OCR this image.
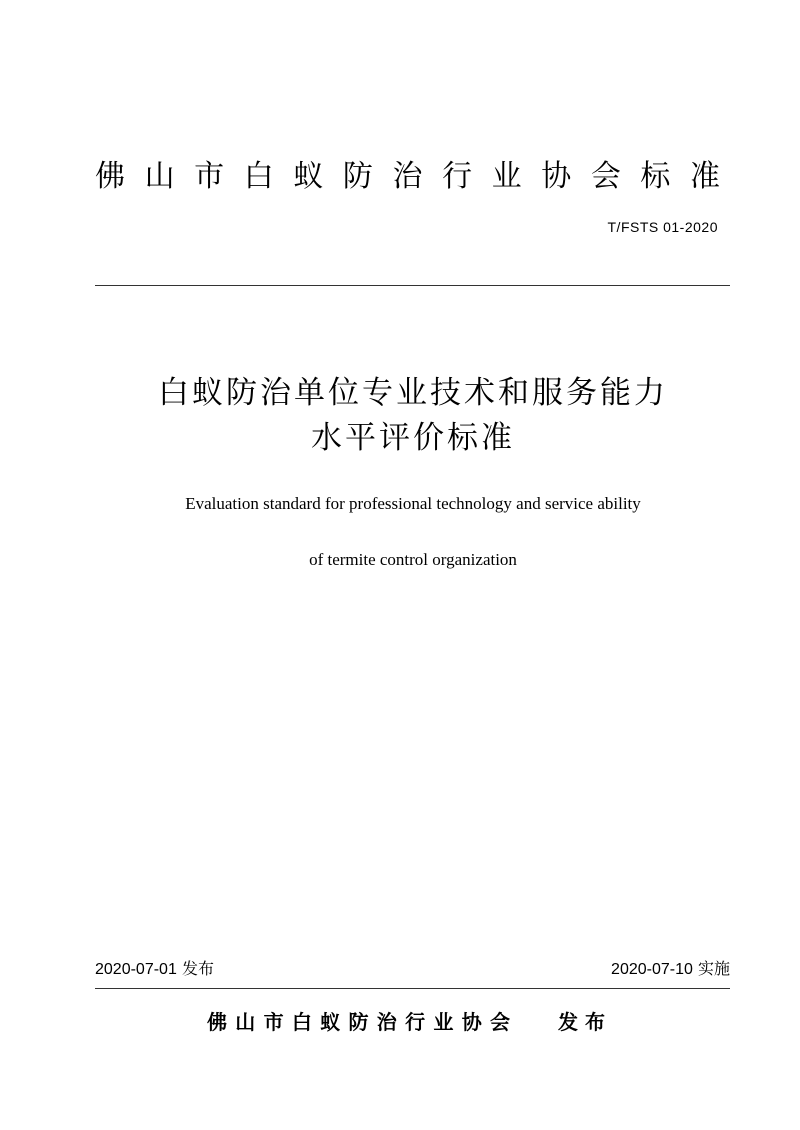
佛山市白蚁防治行业协会标准
T/FSTS 01-2020
白蚁防治单位专业技术和服务能力
水平评价标准
Evaluation standard for professional technology and service ability
of termite control organization
2020-07-01 发布	2020-07-10 实施
佛山市白蚁防治行业协会 发布
